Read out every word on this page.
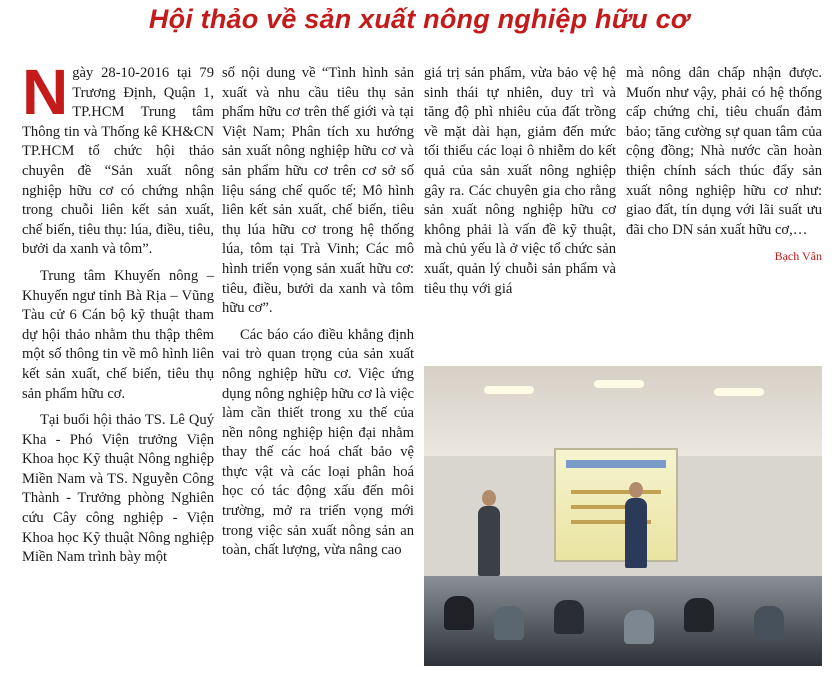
Hội thảo về sản xuất nông nghiệp hữu cơ

Ngày 28-10-2016 tại 79 Trương Định, Quận 1, TP.HCM Trung tâm Thông tin và Thống kê KH&CN TP.HCM tổ chức hội thảo chuyên đề “Sản xuất nông nghiệp hữu cơ có chứng nhận trong chuỗi liên kết sản xuất, chế biến, tiêu thụ: lúa, điều, tiêu, bưởi da xanh và tôm”.

Trung tâm Khuyến nông – Khuyến ngư tỉnh Bà Rịa – Vũng Tàu cử 6 Cán bộ kỹ thuật tham dự hội thảo nhằm thu thập thêm một số thông tin về mô hình liên kết sản xuất, chế biến, tiêu thụ sản phẩm hữu cơ.

Tại buổi hội thảo TS. Lê Quý Kha - Phó Viện trưởng Viện Khoa học Kỹ thuật Nông nghiệp Miền Nam và TS. Nguyễn Công Thành - Trưởng phòng Nghiên cứu Cây công nghiệp - Viện Khoa học Kỹ thuật Nông nghiệp Miền Nam trình bày một

số nội dung về “Tình hình sản xuất và nhu cầu tiêu thụ sản phẩm hữu cơ trên thế giới và tại Việt Nam; Phân tích xu hướng sản xuất nông nghiệp hữu cơ và sản phẩm hữu cơ trên cơ sở số liệu sáng chế quốc tế; Mô hình liên kết sản xuất, chế biến, tiêu thụ lúa hữu cơ trong hệ thống lúa, tôm tại Trà Vinh; Các mô hình triển vọng sản xuất hữu cơ: tiêu, điều, bưởi da xanh và tôm hữu cơ”.

Các báo cáo điều khẳng định vai trò quan trọng của sản xuất nông nghiệp hữu cơ. Việc ứng dụng nông nghiệp hữu cơ là việc làm cần thiết trong xu thế của nền nông nghiệp hiện đại nhằm thay thế các hoá chất bảo vệ thực vật và các loại phân hoá học có tác động xấu đến môi trường, mở ra triển vọng mới trong việc sản xuất nông sản an toàn, chất lượng, vừa nâng cao

giá trị sản phẩm, vừa bảo vệ hệ sinh thái tự nhiên, duy trì và tăng độ phì nhiêu của đất trồng về mặt dài hạn, giảm đến mức tối thiểu các loại ô nhiễm do kết quả của sản xuất nông nghiệp gây ra. Các chuyên gia cho rằng sản xuất nông nghiệp hữu cơ không phải là vấn đề kỹ thuật, mà chủ yếu là ở việc tổ chức sản xuất, quản lý chuỗi sản phẩm và tiêu thụ với giá

mà nông dân chấp nhận được. Muốn như vậy, phải có hệ thống cấp chứng chỉ, tiêu chuẩn đảm bảo; tăng cường sự quan tâm của cộng đồng; Nhà nước cần hoàn thiện chính sách thúc đẩy sản xuất nông nghiệp hữu cơ như: giao đất, tín dụng với lãi suất ưu đãi cho DN sản xuất hữu cơ,…

Bạch Vân
